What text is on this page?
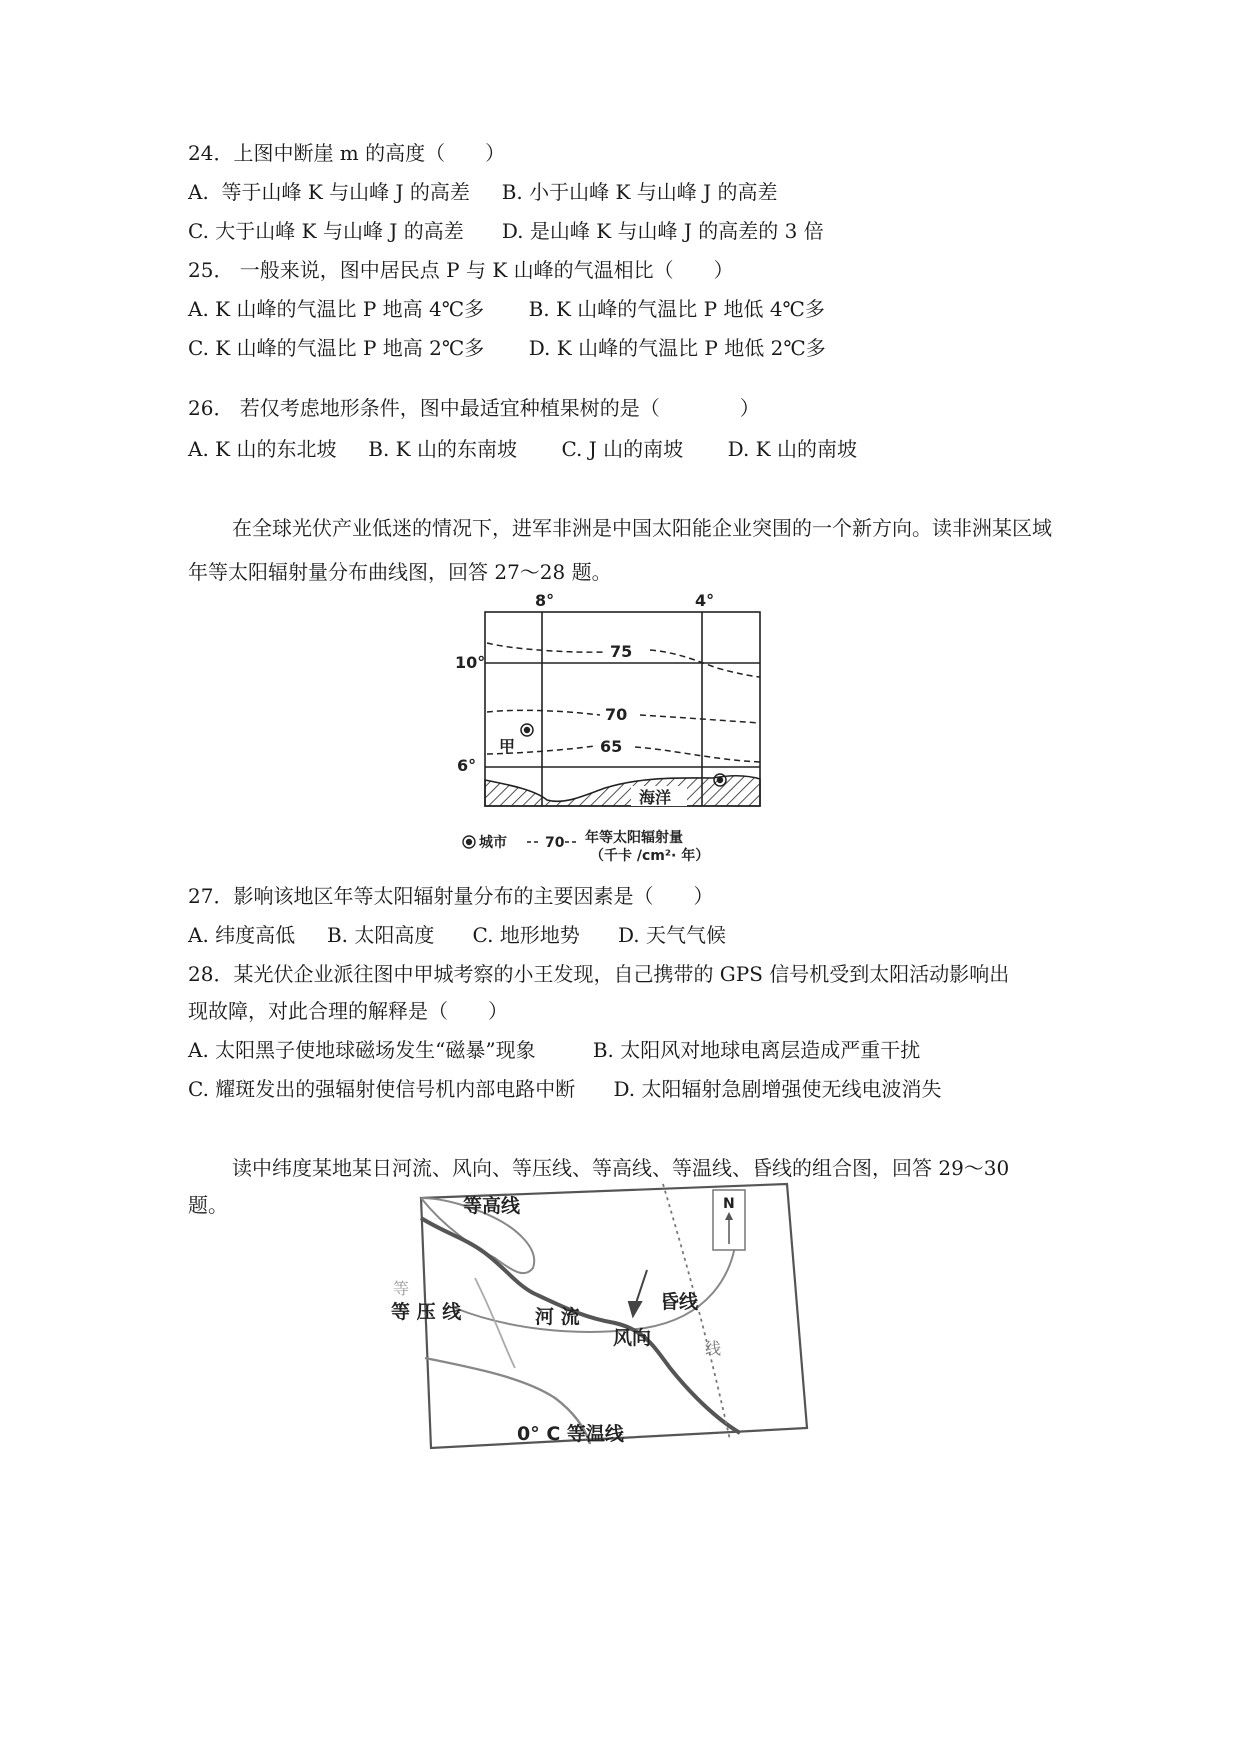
24．上图中断崖 m 的高度（　　）
A.  等于山峰 K 与山峰 J 的高差     B. 小于山峰 K 与山峰 J 的高差
C. 大于山峰 K 与山峰 J 的高差      D. 是山峰 K 与山峰 J 的高差的 3 倍
25． 一般来说，图中居民点 P 与 K 山峰的气温相比（　　）
A. K 山峰的气温比 P 地高 4℃多       B. K 山峰的气温比 P 地低 4℃多
C. K 山峰的气温比 P 地高 2℃多       D. K 山峰的气温比 P 地低 2℃多
26． 若仅考虑地形条件，图中最适宜种植果树的是（　　　　）
A. K 山的东北坡     B. K 山的东南坡       C. J 山的南坡       D. K 山的南坡
在全球光伏产业低迷的情况下，进军非洲是中国太阳能企业突围的一个新方向。读非洲某区域年等太阳辐射量分布曲线图，回答 27～28 题。
8°	4°
10°
6°
75
70
65
甲
海洋
城市	70 年等太阳辐射量
（千卡 /cm²· 年）
27．影响该地区年等太阳辐射量分布的主要因素是（　　）
A. 纬度高低     B. 太阳高度      C. 地形地势      D. 天气气候
28．某光伏企业派往图中甲城考察的小王发现，自己携带的 GPS 信号机受到太阳活动影响出
现故障，对此合理的解释是（　　）
A. 太阳黑子使地球磁场发生“磁暴”现象         B. 太阳风对地球电离层造成严重干扰
C. 耀斑发出的强辐射使信号机内部电路中断      D. 太阳辐射急剧增强使无线电波消失
读中纬度某地某日河流、风向、等压线、等高线、等温线、昏线的组合图，回答 29～30
题。	N
等高线
等 压 线
等
河 流
风向
昏线
线
0° C 等温线
